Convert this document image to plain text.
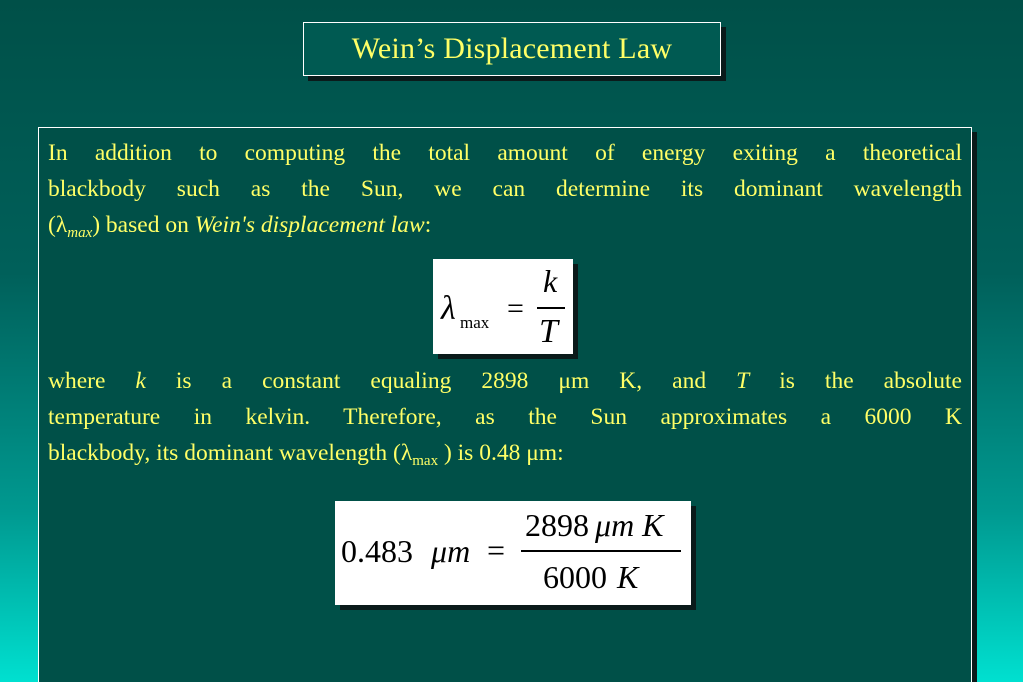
Wein’s Displacement Law
In addition to computing the total amount of energy exiting a theoretical
blackbody such as the Sun, we can determine its dominant wavelength
$(\lambda_{max})$ based on Wein's displacement law:
λ max =
k
T
where k is a constant equaling 2898 μm K, and T is the absolute
temperature in kelvin. Therefore, as the Sun approximates a 6000 K
blackbody, its dominant wavelength ($\lambda_{max}$ ) is 0.48 μm:
0.483 μm =
2898 μm K
6000 K
